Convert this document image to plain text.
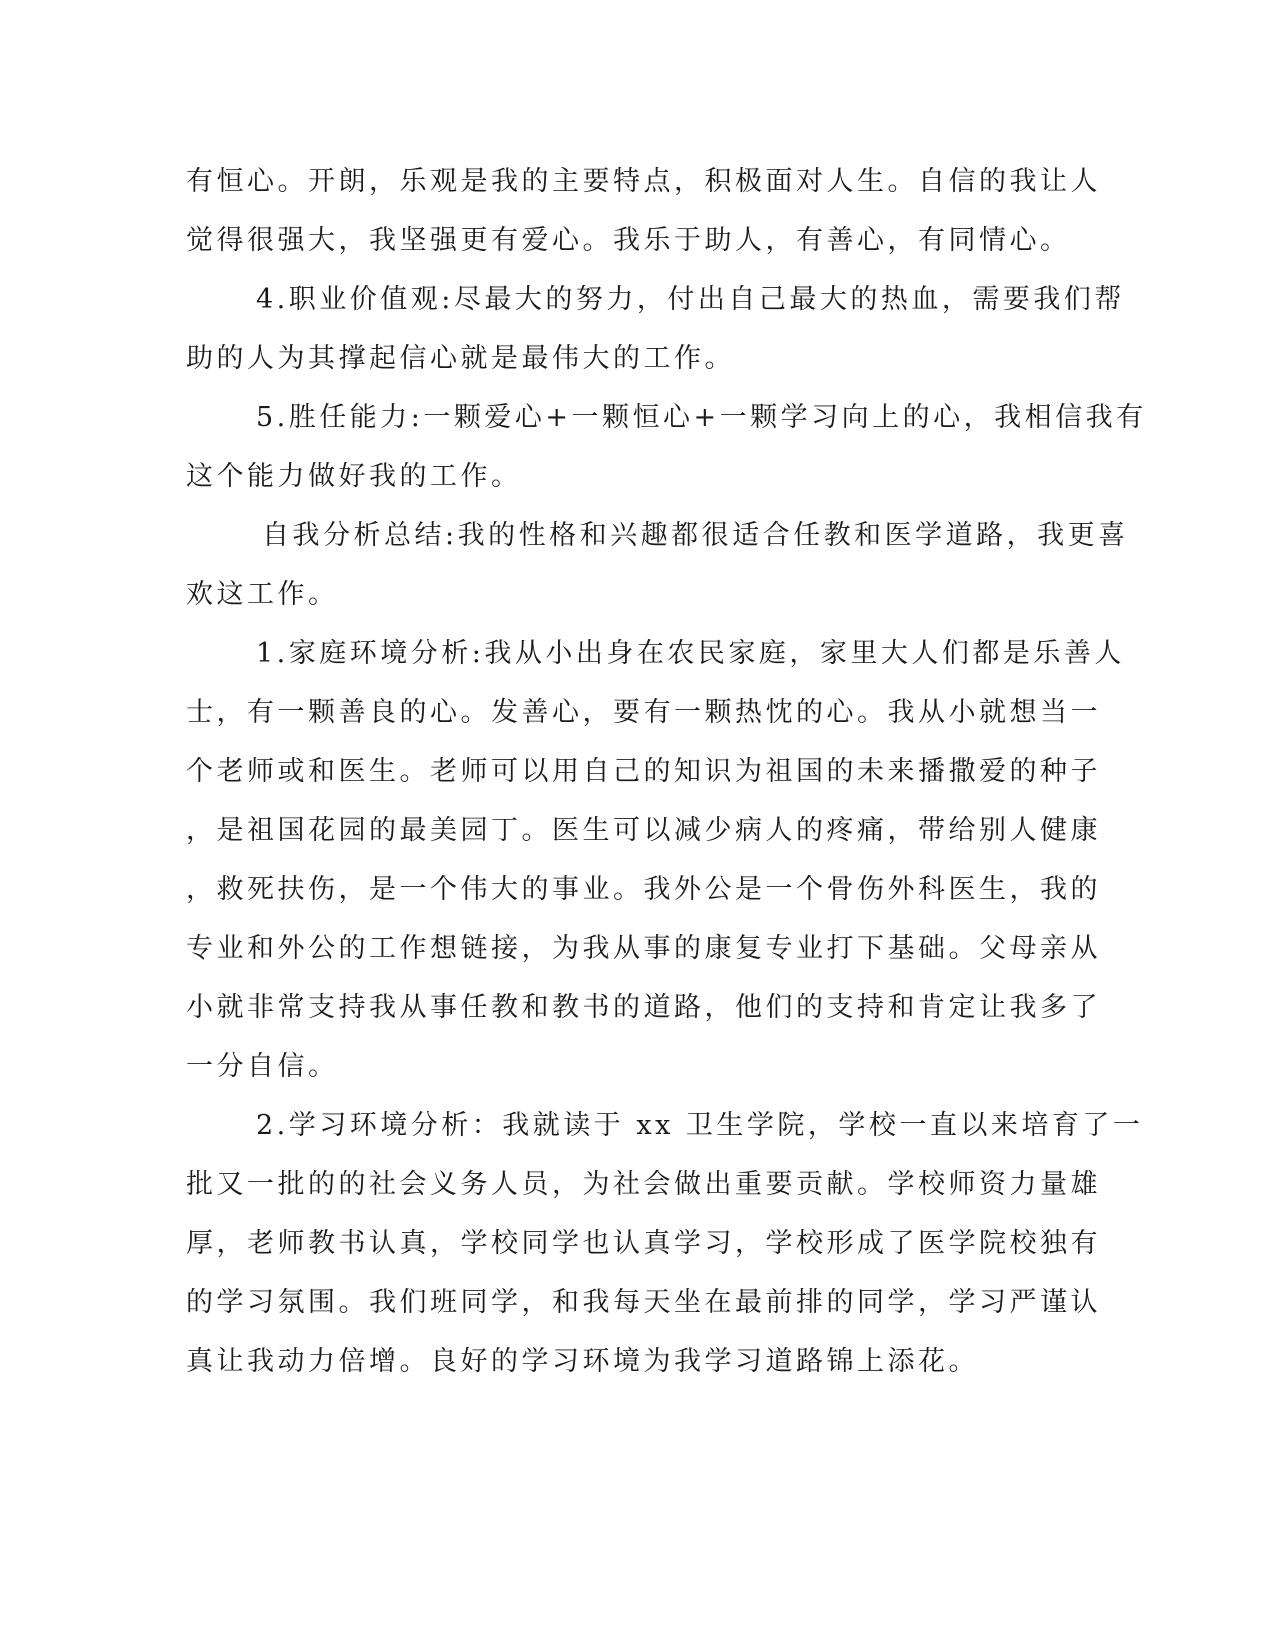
有恒心。开朗，乐观是我的主要特点，积极面对人生。自信的我让人
觉得很强大，我坚强更有爱心。我乐于助人，有善心，有同情心。
4.职业价值观:尽最大的努力，付出自己最大的热血，需要我们帮
助的人为其撑起信心就是最伟大的工作。
5.胜任能力:一颗爱心+一颗恒心+一颗学习向上的心，我相信我有
这个能力做好我的工作。
自我分析总结:我的性格和兴趣都很适合任教和医学道路，我更喜
欢这工作。
1.家庭环境分析:我从小出身在农民家庭，家里大人们都是乐善人
士，有一颗善良的心。发善心，要有一颗热忱的心。我从小就想当一
个老师或和医生。老师可以用自己的知识为祖国的未来播撒爱的种子
，是祖国花园的最美园丁。医生可以减少病人的疼痛，带给别人健康
，救死扶伤，是一个伟大的事业。我外公是一个骨伤外科医生，我的
专业和外公的工作想链接，为我从事的康复专业打下基础。父母亲从
小就非常支持我从事任教和教书的道路，他们的支持和肯定让我多了
一分自信。
2.学习环境分析：我就读于 xx 卫生学院，学校一直以来培育了一
批又一批的的社会义务人员，为社会做出重要贡献。学校师资力量雄
厚，老师教书认真，学校同学也认真学习，学校形成了医学院校独有
的学习氛围。我们班同学，和我每天坐在最前排的同学，学习严谨认
真让我动力倍增。良好的学习环境为我学习道路锦上添花。
